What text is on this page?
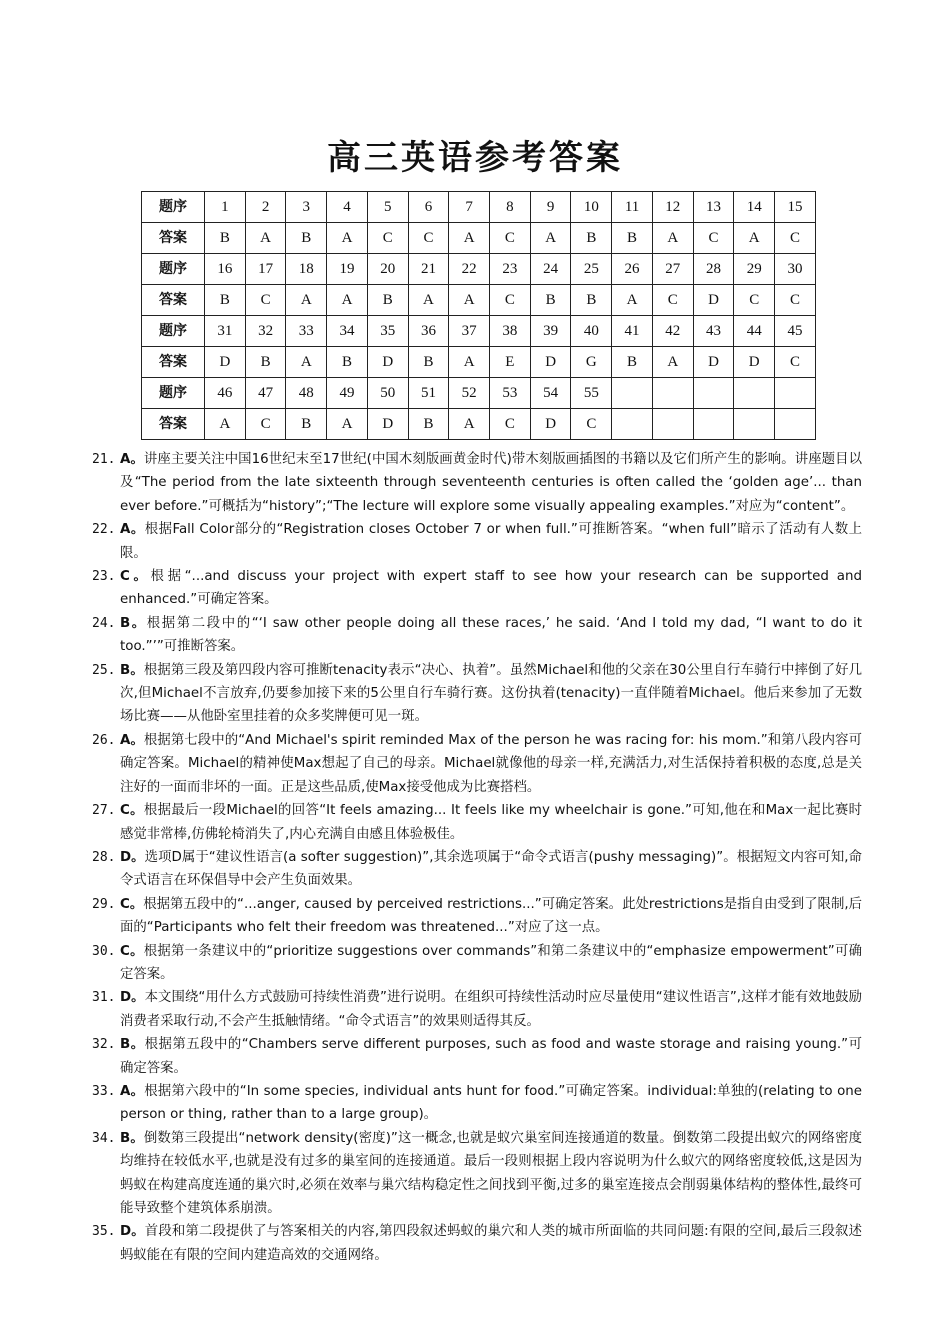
高三英语参考答案
题序	1	2	3	4	5	6	7	8	9	10	11	12	13	14	15
答案	B	A	B	A	C	C	A	C	A	B	B	A	C	A	C
题序	16	17	18	19	20	21	22	23	24	25	26	27	28	29	30
答案	B	C	A	A	B	A	A	C	B	B	A	C	D	C	C
题序	31	32	33	34	35	36	37	38	39	40	41	42	43	44	45
答案	D	B	A	B	D	B	A	E	D	G	B	A	D	D	C
题序	46	47	48	49	50	51	52	53	54	55					
答案	A	C	B	A	D	B	A	C	D	C					
21. A。讲座主要关注中国16世纪末至17世纪(中国木刻版画黄金时代)带木刻版画插图的书籍以及它们所产生的影响。讲座题目以及“The period from the late sixteenth through seventeenth centuries is often called the ‘golden age’... than ever before.”可概括为“history”;“The lecture will explore some visually appealing examples.”对应为“content”。
22. A。根据Fall Color部分的“Registration closes October 7 or when full.”可推断答案。“when full”暗示了活动有人数上限。
23. C。根据“...and discuss your project with expert staff to see how your research can be supported and enhanced.”可确定答案。
24. B。根据第二段中的“‘I saw other people doing all these races,’ he said. ‘And I told my dad, “I want to do it too.”’”可推断答案。
25. B。根据第三段及第四段内容可推断tenacity表示“决心、执着”。虽然Michael和他的父亲在30公里自行车骑行中摔倒了好几次,但Michael不言放弃,仍要参加接下来的5公里自行车骑行赛。这份执着(tenacity)一直伴随着Michael。他后来参加了无数场比赛——从他卧室里挂着的众多奖牌便可见一斑。
26. A。根据第七段中的“And Michael's spirit reminded Max of the person he was racing for: his mom.”和第八段内容可确定答案。Michael的精神使Max想起了自己的母亲。Michael就像他的母亲一样,充满活力,对生活保持着积极的态度,总是关注好的一面而非坏的一面。正是这些品质,使Max接受他成为比赛搭档。
27. C。根据最后一段Michael的回答“It feels amazing... It feels like my wheelchair is gone.”可知,他在和Max一起比赛时感觉非常棒,仿佛轮椅消失了,内心充满自由感且体验极佳。
28. D。选项D属于“建议性语言(a softer suggestion)”,其余选项属于“命令式语言(pushy messaging)”。根据短文内容可知,命令式语言在环保倡导中会产生负面效果。
29. C。根据第五段中的“...anger, caused by perceived restrictions...”可确定答案。此处restrictions是指自由受到了限制,后面的“Participants who felt their freedom was threatened...”对应了这一点。
30. C。根据第一条建议中的“prioritize suggestions over commands”和第二条建议中的“emphasize empowerment”可确定答案。
31. D。本文围绕“用什么方式鼓励可持续性消费”进行说明。在组织可持续性活动时应尽量使用“建议性语言”,这样才能有效地鼓励消费者采取行动,不会产生抵触情绪。“命令式语言”的效果则适得其反。
32. B。根据第五段中的“Chambers serve different purposes, such as food and waste storage and raising young.”可确定答案。
33. A。根据第六段中的“In some species, individual ants hunt for food.”可确定答案。individual:单独的(relating to one person or thing, rather than to a large group)。
34. B。倒数第三段提出“network density(密度)”这一概念,也就是蚁穴巢室间连接通道的数量。倒数第二段提出蚁穴的网络密度均维持在较低水平,也就是没有过多的巢室间的连接通道。最后一段则根据上段内容说明为什么蚁穴的网络密度较低,这是因为蚂蚁在构建高度连通的巢穴时,必须在效率与巢穴结构稳定性之间找到平衡,过多的巢室连接点会削弱巢体结构的整体性,最终可能导致整个建筑体系崩溃。
35. D。首段和第二段提供了与答案相关的内容,第四段叙述蚂蚁的巢穴和人类的城市所面临的共同问题:有限的空间,最后三段叙述蚂蚁能在有限的空间内建造高效的交通网络。
